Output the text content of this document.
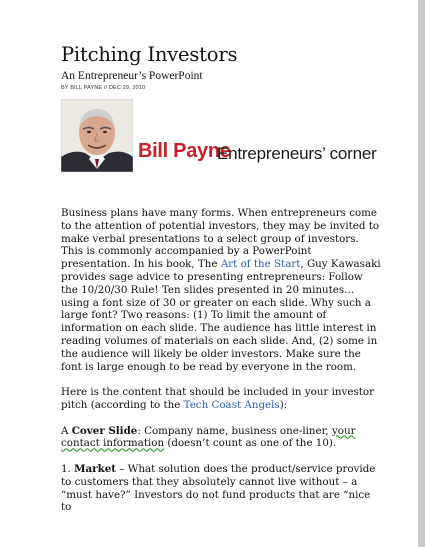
Pitching Investors
An Entrepreneur’s PowerPoint
BY BILL PAYNE // DEC 29, 2010
Bill Payne
Entrepreneurs’ corner

Business plans have many forms. When entrepreneurs come to the attention of potential investors, they may be invited to make verbal presentations to a select group of investors. This is commonly accompanied by a PowerPoint presentation. In his book, The Art of the Start, Guy Kawasaki provides sage advice to presenting entrepreneurs: Follow the 10/20/30 Rule! Ten slides presented in 20 minutes…using a font size of 30 or greater on each slide. Why such a large font? Two reasons: (1) To limit the amount of information on each slide. The audience has little interest in reading volumes of materials on each slide. And, (2) some in the audience will likely be older investors. Make sure the font is large enough to be read by everyone in the room.

Here is the content that should be included in your investor pitch (according to the Tech Coast Angels):

A Cover Slide: Company name, business one-liner, your contact information (doesn’t count as one of the 10).

1. Market – What solution does the product/service provide to customers that they absolutely cannot live without – a “must have?” Investors do not fund products that are “nice to
